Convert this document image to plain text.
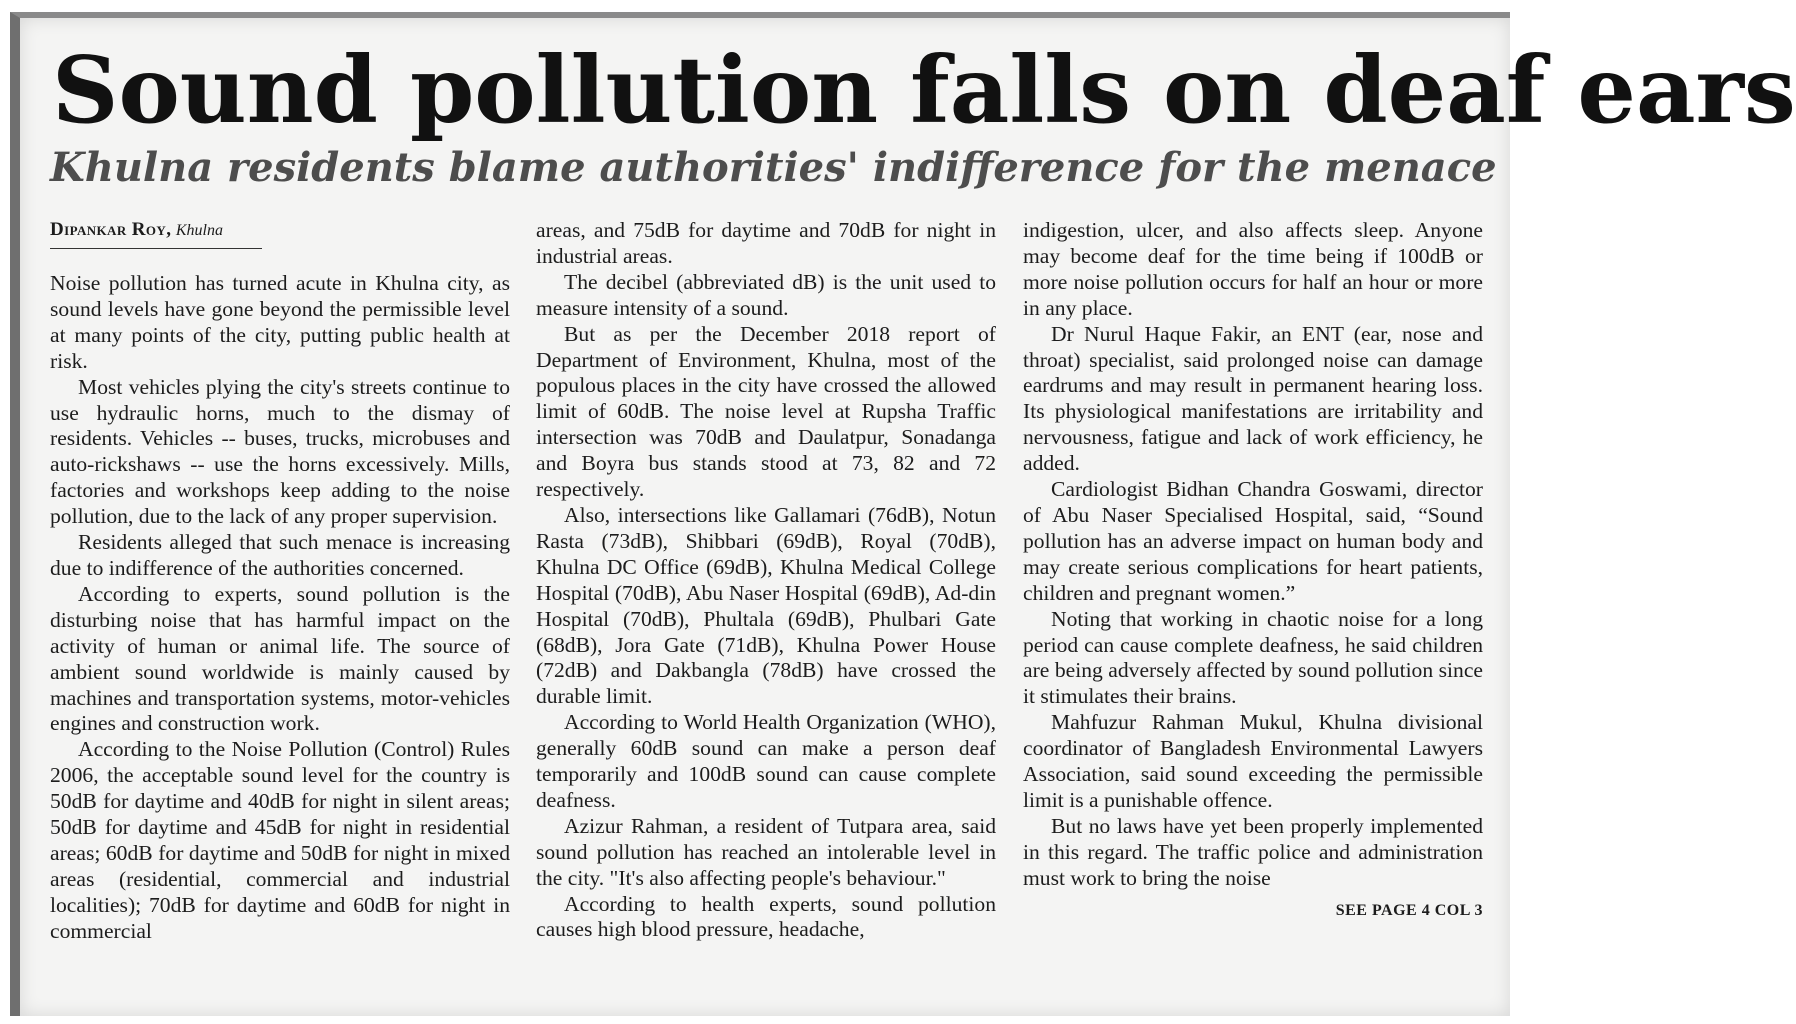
Sound pollution falls on deaf ears
Khulna residents blame authorities' indifference for the menace
Dipankar Roy, Khulna

Noise pollution has turned acute in Khulna city, as sound levels have gone beyond the permissible level at many points of the city, putting public health at risk.

Most vehicles plying the city's streets continue to use hydraulic horns, much to the dismay of residents. Vehicles -- buses, trucks, microbuses and auto-rickshaws -- use the horns excessively. Mills, factories and workshops keep adding to the noise pollution, due to the lack of any proper supervision.

Residents alleged that such menace is increasing due to indifference of the authorities concerned.

According to experts, sound pollution is the disturbing noise that has harmful impact on the activity of human or animal life. The source of ambient sound worldwide is mainly caused by machines and transportation systems, motor-vehicles engines and construction work.

According to the Noise Pollution (Control) Rules 2006, the acceptable sound level for the country is 50dB for daytime and 40dB for night in silent areas; 50dB for daytime and 45dB for night in residential areas; 60dB for daytime and 50dB for night in mixed areas (residential, commercial and industrial localities); 70dB for daytime and 60dB for night in commercial

areas, and 75dB for daytime and 70dB for night in industrial areas.

The decibel (abbreviated dB) is the unit used to measure intensity of a sound.

But as per the December 2018 report of Department of Environment, Khulna, most of the populous places in the city have crossed the allowed limit of 60dB. The noise level at Rupsha Traffic intersection was 70dB and Daulatpur, Sonadanga and Boyra bus stands stood at 73, 82 and 72 respectively.

Also, intersections like Gallamari (76dB), Notun Rasta (73dB), Shibbari (69dB), Royal (70dB), Khulna DC Office (69dB), Khulna Medical College Hospital (70dB), Abu Naser Hospital (69dB), Ad-din Hospital (70dB), Phultala (69dB), Phulbari Gate (68dB), Jora Gate (71dB), Khulna Power House (72dB) and Dakbangla (78dB) have crossed the durable limit.

According to World Health Organization (WHO), generally 60dB sound can make a person deaf temporarily and 100dB sound can cause complete deafness.

Azizur Rahman, a resident of Tutpara area, said sound pollution has reached an intolerable level in the city. "It's also affecting people's behaviour."

According to health experts, sound pollution causes high blood pressure, headache,

indigestion, ulcer, and also affects sleep. Anyone may become deaf for the time being if 100dB or more noise pollution occurs for half an hour or more in any place.

Dr Nurul Haque Fakir, an ENT (ear, nose and throat) specialist, said prolonged noise can damage eardrums and may result in permanent hearing loss. Its physiological manifestations are irritability and nervousness, fatigue and lack of work efficiency, he added.

Cardiologist Bidhan Chandra Goswami, director of Abu Naser Specialised Hospital, said, “Sound pollution has an adverse impact on human body and may create serious complications for heart patients, children and pregnant women.”

Noting that working in chaotic noise for a long period can cause complete deafness, he said children are being adversely affected by sound pollution since it stimulates their brains.

Mahfuzur Rahman Mukul, Khulna divisional coordinator of Bangladesh Environmental Lawyers Association, said sound exceeding the permissible limit is a punishable offence.

But no laws have yet been properly implemented in this regard. The traffic police and administration must work to bring the noise

SEE PAGE 4 COL 3
